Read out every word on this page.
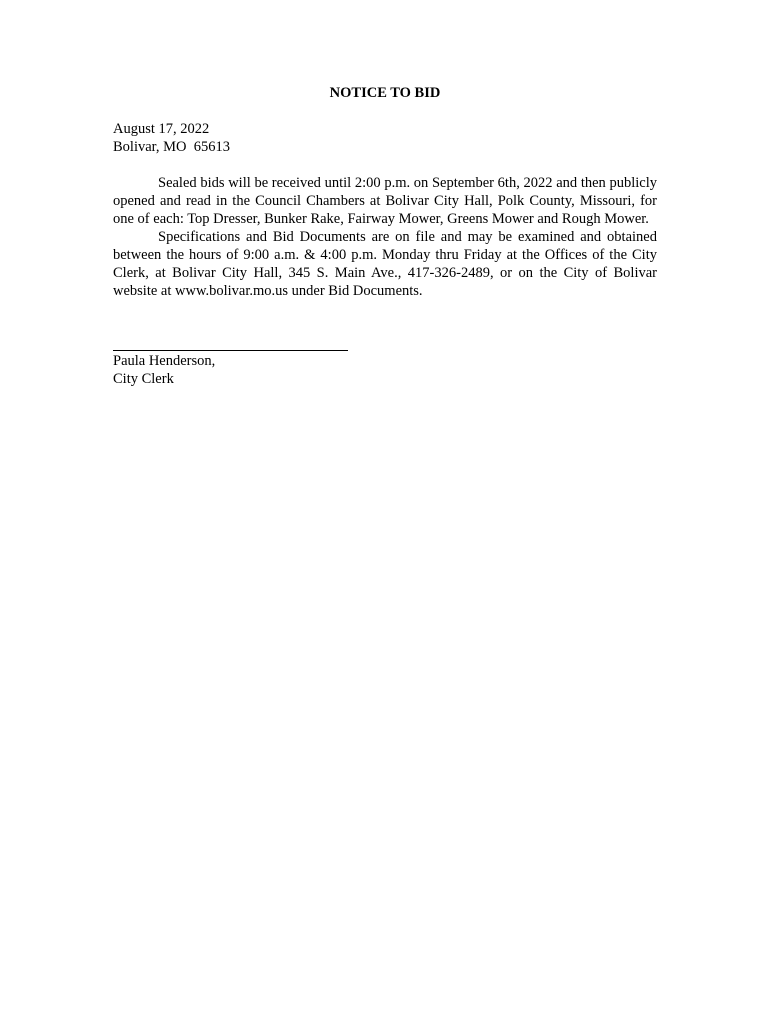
NOTICE TO BID
August 17, 2022
Bolivar, MO  65613

Sealed bids will be received until 2:00 p.m. on September 6th, 2022 and then publicly opened and read in the Council Chambers at Bolivar City Hall, Polk County, Missouri, for one of each: Top Dresser, Bunker Rake, Fairway Mower, Greens Mower and Rough Mower.

Specifications and Bid Documents are on file and may be examined and obtained between the hours of 9:00 a.m. & 4:00 p.m. Monday thru Friday at the Offices of the City Clerk, at Bolivar City Hall, 345 S. Main Ave., 417-326-2489, or on the City of Bolivar website at www.bolivar.mo.us under Bid Documents.

Paula Henderson,
City Clerk
